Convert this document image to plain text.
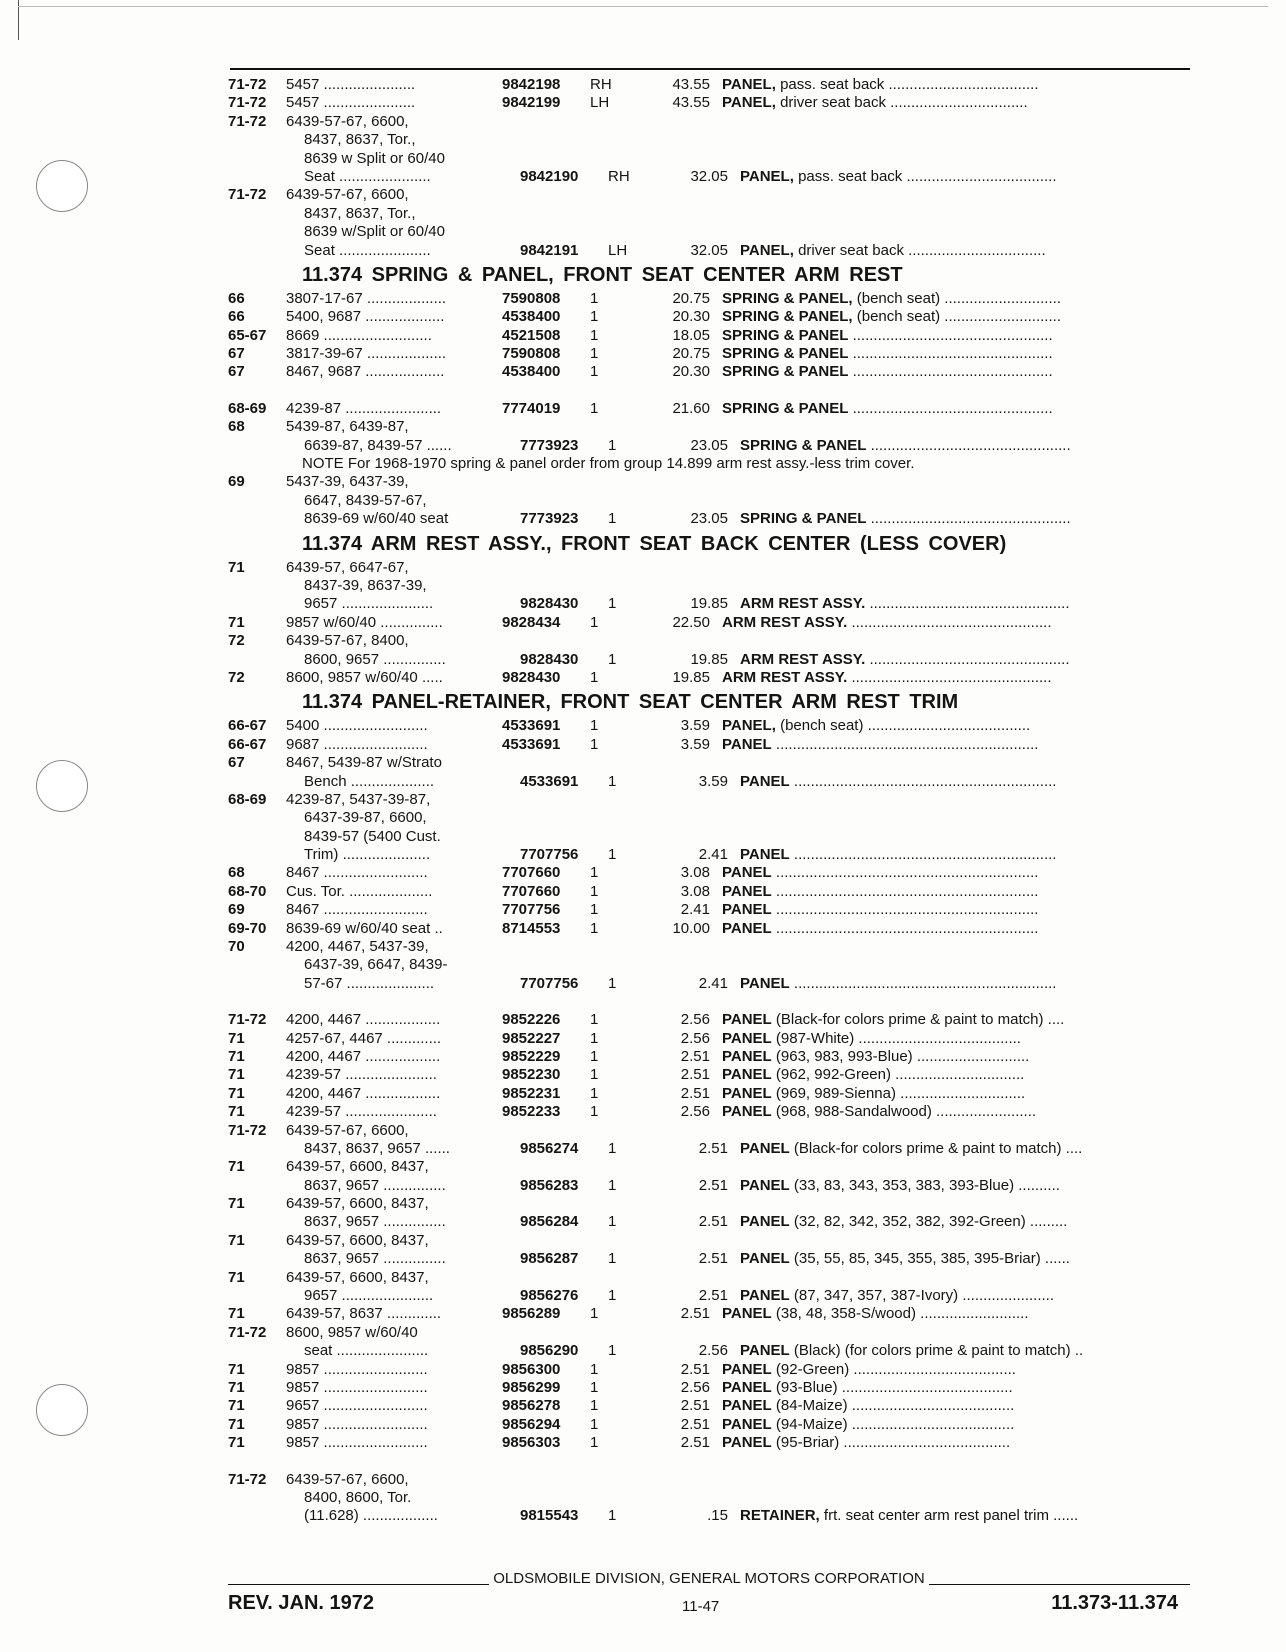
71-72	5457 ......................	9842198	RH	43.55 PANEL, pass. seat back ....................................
71-72	5457 ......................	9842199	LH	43.55 PANEL, driver seat back .................................
71-72	6439-57-67, 6600,
8437, 8637, Tor.,
8639 w Split or 60/40
Seat ......................	9842190	RH	32.05 PANEL, pass. seat back ....................................
71-72	6439-57-67, 6600,
8437, 8637, Tor.,
8639 w/Split or 60/40
Seat ......................	9842191	LH	32.05 PANEL, driver seat back .................................
11.374 SPRING & PANEL, FRONT SEAT CENTER ARM REST
66	3807-17-67 ...................	7590808	1	20.75 SPRING & PANEL, (bench seat) ............................
66	5400, 9687 ...................	4538400	1	20.30 SPRING & PANEL, (bench seat) ............................
65-67	8669 ..........................	4521508	1	18.05 SPRING & PANEL ................................................
67	3817-39-67 ...................	7590808	1	20.75 SPRING & PANEL ................................................
67	8467, 9687 ...................	4538400	1	20.30 SPRING & PANEL ................................................
68-69	4239-87 .......................	7774019	1	21.60 SPRING & PANEL ................................................
68	5439-87, 6439-87,
6639-87, 8439-57 ......	7773923	1	23.05 SPRING & PANEL ................................................
NOTE For 1968-1970 spring & panel order from group 14.899 arm rest assy.-less trim cover.
69	5437-39, 6437-39,
6647, 8439-57-67,
8639-69 w/60/40 seat	7773923	1	23.05 SPRING & PANEL ................................................
11.374 ARM REST ASSY., FRONT SEAT BACK CENTER (LESS COVER)
71	6439-57, 6647-67,
8437-39, 8637-39,
9657 ......................	9828430	1	19.85 ARM REST ASSY. ................................................
71	9857 w/60/40 ...............	9828434	1	22.50 ARM REST ASSY. ................................................
72	6439-57-67, 8400,
8600, 9657 ...............	9828430	1	19.85 ARM REST ASSY. ................................................
72	8600, 9857 w/60/40 .....	9828430	1	19.85 ARM REST ASSY. ................................................
11.374 PANEL-RETAINER, FRONT SEAT CENTER ARM REST TRIM
66-67	5400 .........................	4533691	1	3.59 PANEL, (bench seat) .......................................
66-67	9687 .........................	4533691	1	3.59 PANEL ...............................................................
67	8467, 5439-87 w/Strato
Bench ....................	4533691	1	3.59 PANEL ...............................................................
68-69	4239-87, 5437-39-87,
6437-39-87, 6600,
8439-57 (5400 Cust.
Trim) .....................	7707756	1	2.41 PANEL ...............................................................
68	8467 .........................	7707660	1	3.08 PANEL ...............................................................
68-70	Cus. Tor. ....................	7707660	1	3.08 PANEL ...............................................................
69	8467 .........................	7707756	1	2.41 PANEL ...............................................................
69-70	8639-69 w/60/40 seat ..	8714553	1	10.00 PANEL ...............................................................
70	4200, 4467, 5437-39,
6437-39, 6647, 8439-
57-67 .....................	7707756	1	2.41 PANEL ...............................................................
71-72	4200, 4467 ..................	9852226	1	2.56 PANEL (Black-for colors prime & paint to match) ....
71	4257-67, 4467 .............	9852227	1	2.56 PANEL (987-White) .......................................
71	4200, 4467 ..................	9852229	1	2.51 PANEL (963, 983, 993-Blue) ...........................
71	4239-57 ......................	9852230	1	2.51 PANEL (962, 992-Green) ...............................
71	4200, 4467 ..................	9852231	1	2.51 PANEL (969, 989-Sienna) ..............................
71	4239-57 ......................	9852233	1	2.56 PANEL (968, 988-Sandalwood) ........................
71-72	6439-57-67, 6600,
8437, 8637, 9657 ......	9856274	1	2.51 PANEL (Black-for colors prime & paint to match) ....
71	6439-57, 6600, 8437,
8637, 9657 ...............	9856283	1	2.51 PANEL (33, 83, 343, 353, 383, 393-Blue) ..........
71	6439-57, 6600, 8437,
8637, 9657 ...............	9856284	1	2.51 PANEL (32, 82, 342, 352, 382, 392-Green) .........
71	6439-57, 6600, 8437,
8637, 9657 ...............	9856287	1	2.51 PANEL (35, 55, 85, 345, 355, 385, 395-Briar) ......
71	6439-57, 6600, 8437,
9657 ......................	9856276	1	2.51 PANEL (87, 347, 357, 387-Ivory) ......................
71	6439-57, 8637 .............	9856289	1	2.51 PANEL (38, 48, 358-S/wood) ..........................
71-72	8600, 9857 w/60/40
seat ......................	9856290	1	2.56 PANEL (Black) (for colors prime & paint to match) ..
71	9857 .........................	9856300	1	2.51 PANEL (92-Green) .......................................
71	9857 .........................	9856299	1	2.56 PANEL (93-Blue) .........................................
71	9657 .........................	9856278	1	2.51 PANEL (84-Maize) .......................................
71	9857 .........................	9856294	1	2.51 PANEL (94-Maize) .......................................
71	9857 .........................	9856303	1	2.51 PANEL (95-Briar) ........................................
71-72	6439-57-67, 6600,
8400, 8600, Tor.
(11.628) ..................	9815543	1	.15 RETAINER, frt. seat center arm rest panel trim ......
OLDSMOBILE DIVISION, GENERAL MOTORS CORPORATION
REV. JAN. 1972	11-47	11.373-11.374
